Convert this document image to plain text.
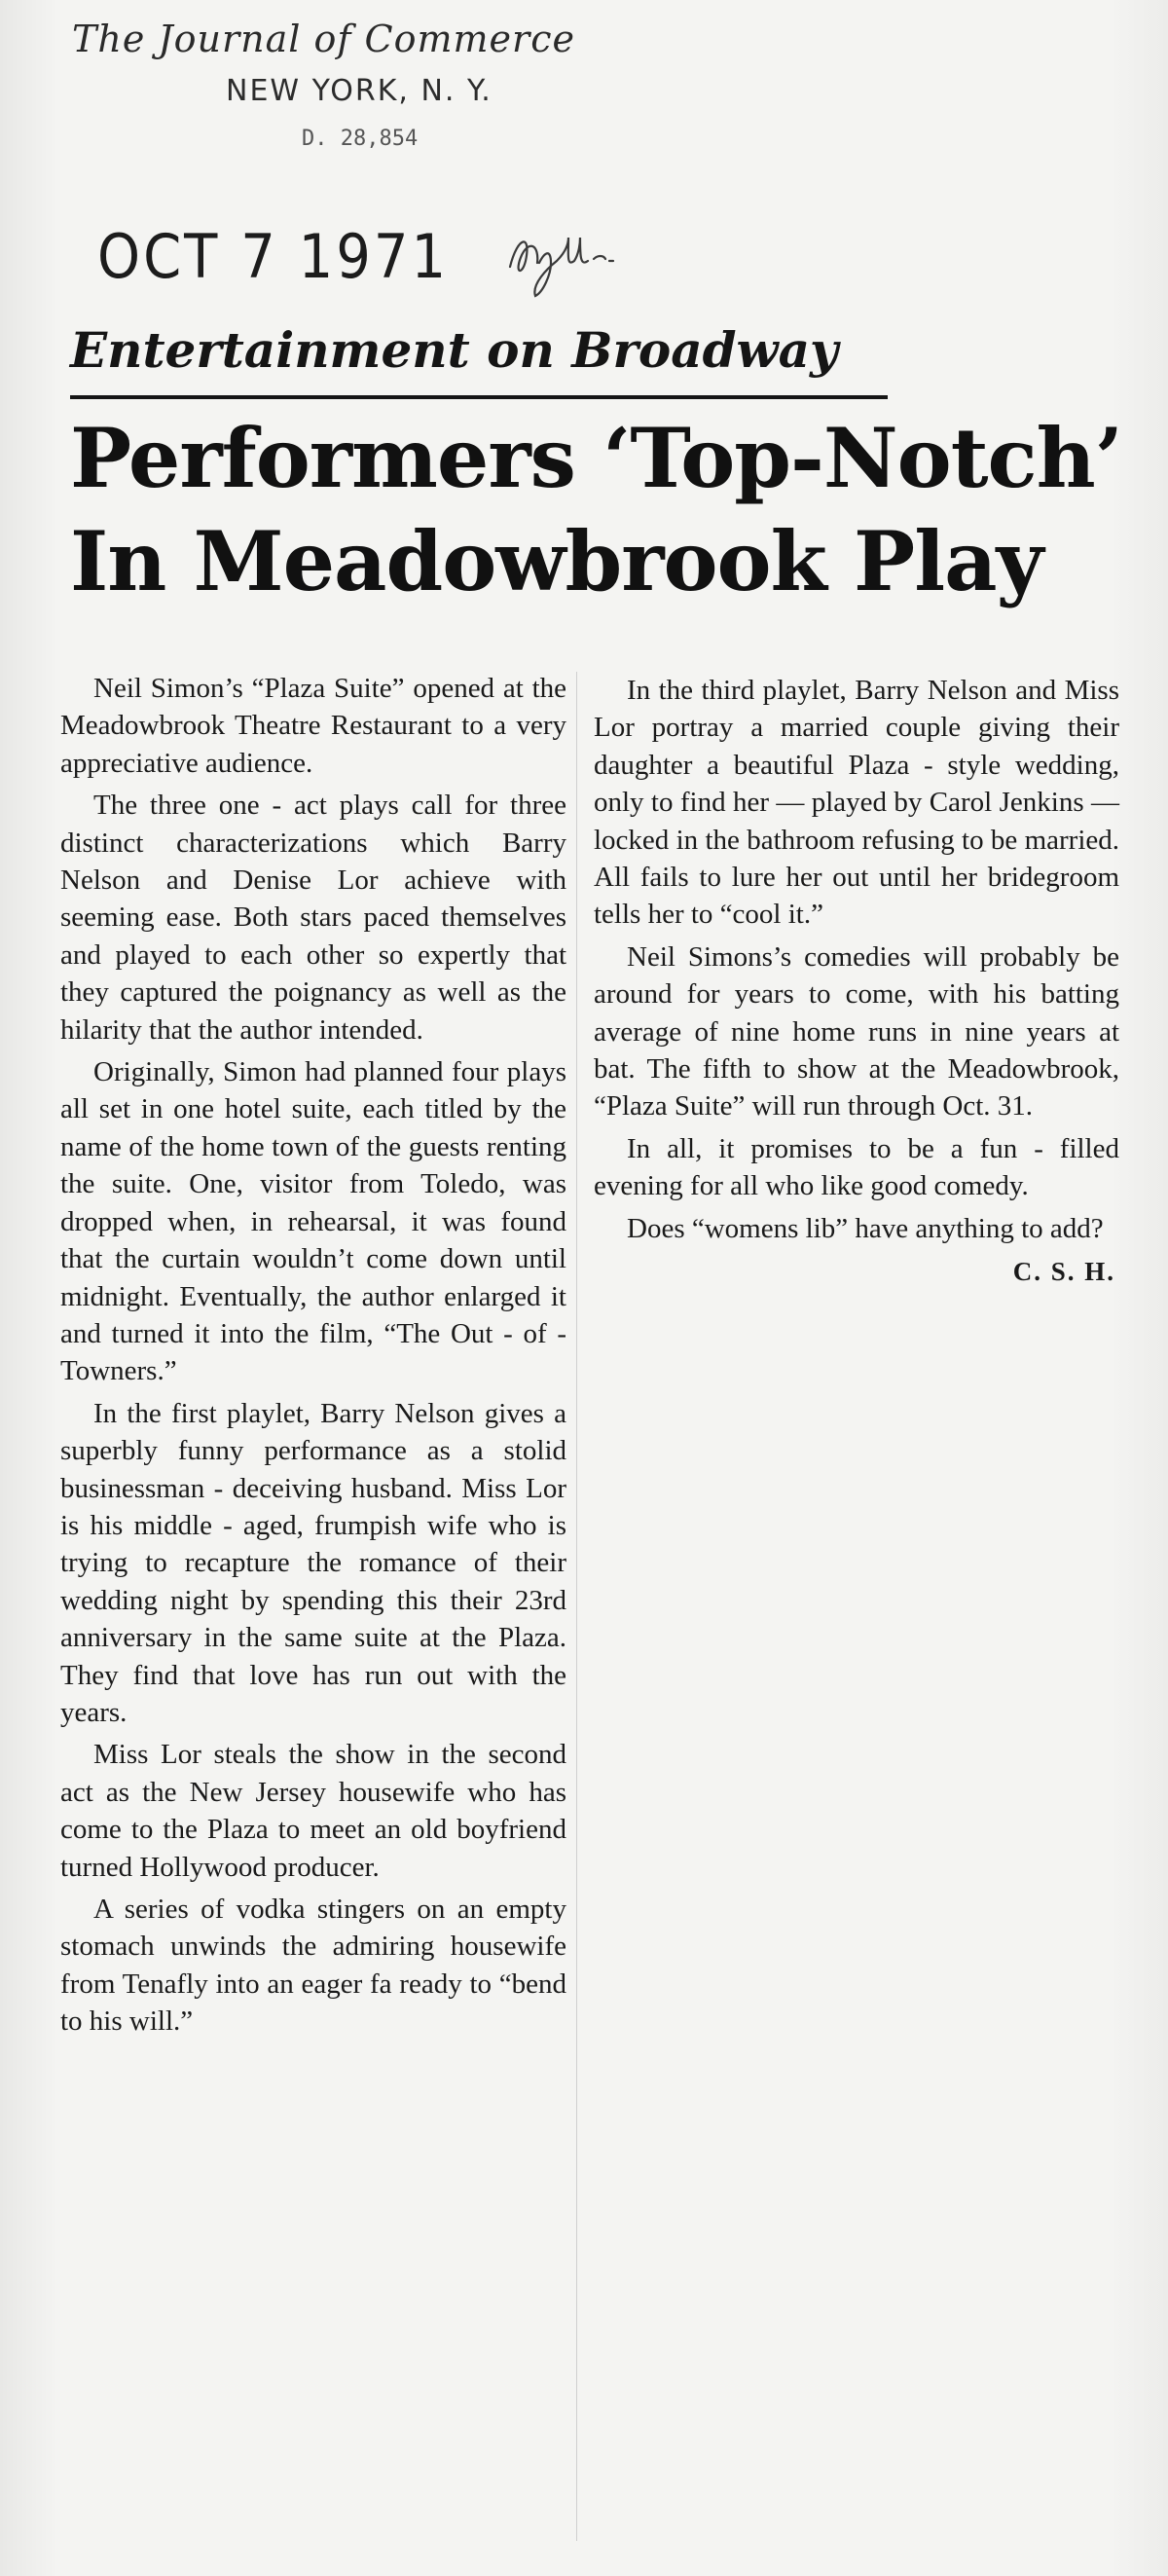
The Journal of Commerce
NEW YORK, N. Y.
D. 28,854
OCT 7 1971
Entertainment on Broadway
Performers ‘Top-Notch’
In Meadowbrook Play

Neil Simon’s “Plaza Suite” opened at the Meadowbrook Theatre Restaurant to a very appreciative audience.

The three one - act plays call for three distinct characterizations which Barry Nelson and Denise Lor achieve with seeming ease. Both stars paced themselves and played to each other so expertly that they captured the poignancy as well as the hilarity that the author intended.

Originally, Simon had planned four plays all set in one hotel suite, each titled by the name of the home town of the guests renting the suite. One, visitor from Toledo, was dropped when, in rehearsal, it was found that the curtain wouldn’t come down until midnight. Eventually, the author enlarged it and turned it into the film, “The Out - of - Towners.”

In the first playlet, Barry Nelson gives a superbly funny performance as a stolid businessman - deceiving husband. Miss Lor is his middle - aged, frumpish wife who is trying to recapture the romance of their wedding night by spending this their 23rd anniversary in the same suite at the Plaza. They find that love has run out with the years.

Miss Lor steals the show in the second act as the New Jersey housewife who has come to the Plaza to meet an old boyfriend turned Hollywood producer.

A series of vodka stingers on an empty stomach unwinds the admiring housewife from Tenafly into an eager fa ready to “bend to his will.”

In the third playlet, Barry Nelson and Miss Lor portray a married couple giving their daughter a beautiful Plaza - style wedding, only to find her — played by Carol Jenkins — locked in the bathroom refusing to be married. All fails to lure her out until her bridegroom tells her to “cool it.”

Neil Simons’s comedies will probably be around for years to come, with his batting average of nine home runs in nine years at bat. The fifth to show at the Meadowbrook, “Plaza Suite” will run through Oct. 31.

In all, it promises to be a fun - filled evening for all who like good comedy.

Does “womens lib” have anything to add?

C. S. H.
